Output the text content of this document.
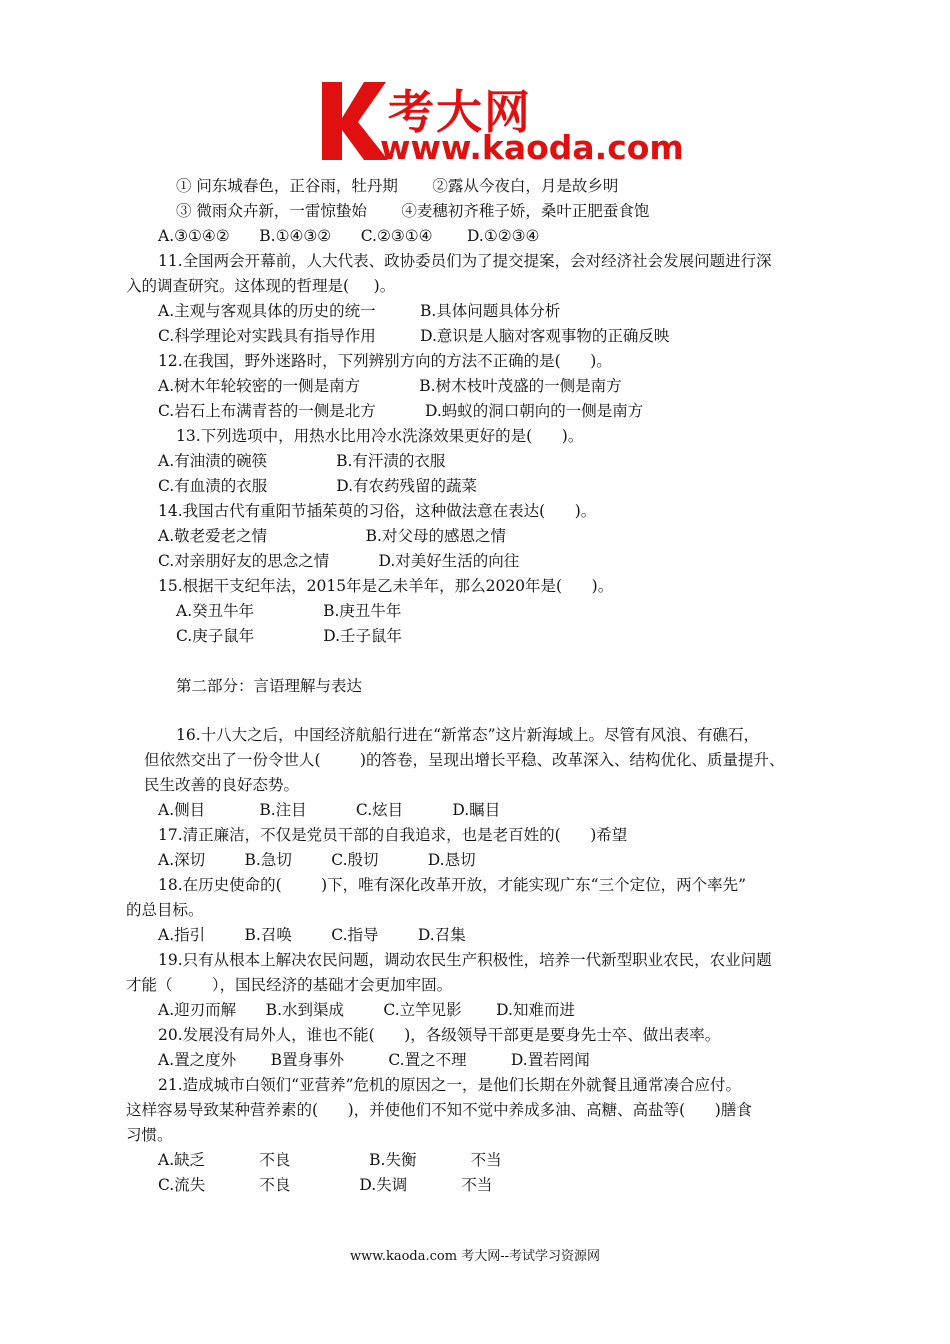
考大网
www.kaoda.com
① 问东城春色，正谷雨，牡丹期       ②露从今夜白，月是故乡明
③ 微雨众卉新，一雷惊蛰始       ④麦穗初齐稚子娇，桑叶正肥蚕食饱
A.③①④②      B.①④③②      C.②③①④       D.①②③④
11.全国两会开幕前，人大代表、政协委员们为了提交提案，会对经济社会发展问题进行深
入的调查研究。这体现的哲理是(     )。
A.主观与客观具体的历史的统一         B.具体问题具体分析
C.科学理论对实践具有指导作用         D.意识是人脑对客观事物的正确反映
12.在我国，野外迷路时，下列辨别方向的方法不正确的是(      )。
A.树木年轮较密的一侧是南方            B.树木枝叶茂盛的一侧是南方
C.岩石上布满青苔的一侧是北方          D.蚂蚁的洞口朝向的一侧是南方
13.下列选项中，用热水比用冷水洗涤效果更好的是(      )。
A.有油渍的碗筷              B.有汗渍的衣服
C.有血渍的衣服              D.有农药残留的蔬菜
14.我国古代有重阳节插茱萸的习俗，这种做法意在表达(      )。
A.敬老爱老之情                    B.对父母的感恩之情
C.对亲朋好友的思念之情          D.对美好生活的向往
15.根据干支纪年法，2015年是乙未羊年，那么2020年是(      )。
A.癸丑牛年              B.庚丑牛年
C.庚子鼠年              D.壬子鼠年
第二部分：言语理解与表达
16.十八大之后，中国经济航船行进在“新常态”这片新海域上。尽管有风浪、有礁石，
但依然交出了一份令世人(        )的答卷，呈现出增长平稳、改革深入、结构优化、质量提升、
民生改善的良好态势。
A.侧目           B.注目          C.炫目          D.瞩目
17.清正廉洁，不仅是党员干部的自我追求，也是老百姓的(      )希望
A.深切        B.急切        C.殷切          D.恳切
18.在历史使命的(        )下，唯有深化改革开放，才能实现广东“三个定位，两个率先”
的总目标。
A.指引        B.召唤        C.指导        D.召集
19.只有从根本上解决农民问题，调动农民生产积极性，培养一代新型职业农民，农业问题
才能（        ），国民经济的基础才会更加牢固。
A.迎刃而解      B.水到渠成        C.立竿见影       D.知难而进
20.发展没有局外人，谁也不能(      )，各级领导干部更是要身先士卒、做出表率。
A.置之度外       B置身事外         C.置之不理         D.置若罔闻
21.造成城市白领们“亚营养”危机的原因之一，是他们长期在外就餐且通常凑合应付。
这样容易导致某种营养素的(      )，并使他们不知不觉中养成多油、高糖、高盐等(      )膳食
习惯。
A.缺乏           不良                B.失衡           不当
C.流失           不良              D.失调           不当
www.kaoda.com 考大网--考试学习资源网
